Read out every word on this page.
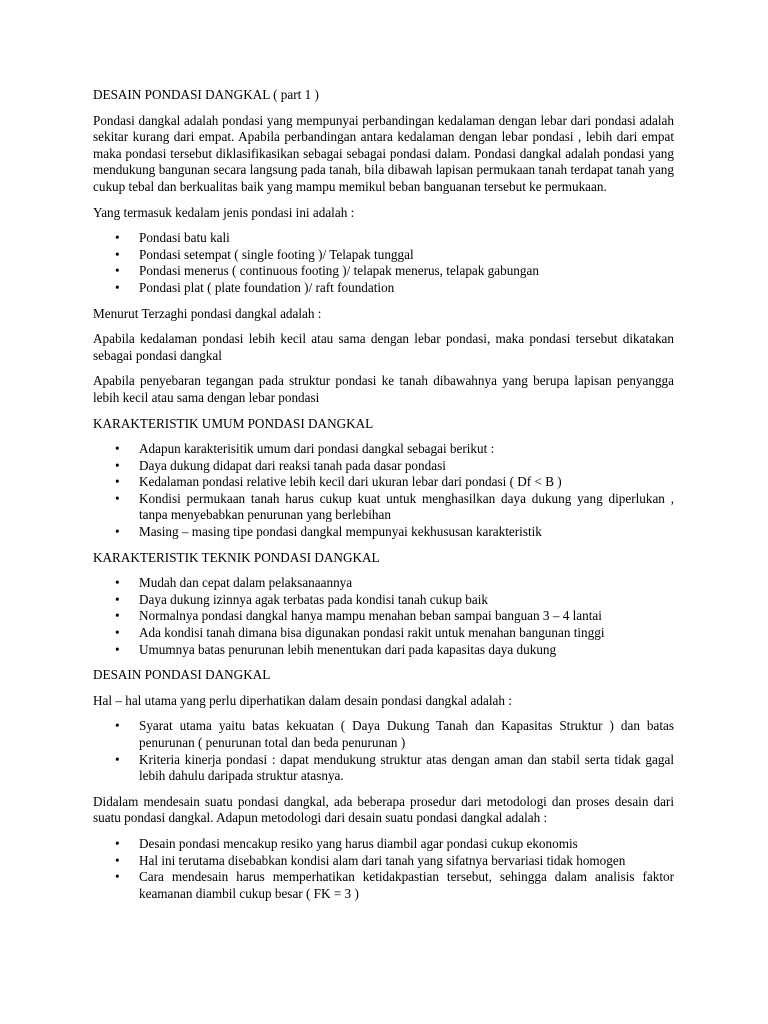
DESAIN PONDASI DANGKAL ( part 1 )
Pondasi dangkal adalah pondasi yang mempunyai perbandingan kedalaman dengan lebar dari pondasi adalah sekitar kurang dari empat. Apabila perbandingan antara kedalaman dengan lebar pondasi , lebih dari empat maka pondasi tersebut diklasifikasikan sebagai sebagai pondasi dalam. Pondasi dangkal adalah pondasi yang mendukung bangunan secara langsung pada tanah, bila dibawah lapisan permukaan tanah terdapat tanah yang cukup tebal dan berkualitas baik yang mampu memikul beban banguanan tersebut ke permukaan.
Yang termasuk kedalam jenis pondasi ini adalah :
• Pondasi batu kali
• Pondasi setempat ( single footing )/ Telapak tunggal
• Pondasi menerus ( continuous footing )/ telapak menerus, telapak gabungan
• Pondasi plat ( plate foundation )/ raft foundation
Menurut Terzaghi pondasi dangkal adalah :
Apabila kedalaman pondasi lebih kecil atau sama dengan lebar pondasi, maka pondasi tersebut dikatakan sebagai pondasi dangkal
Apabila penyebaran tegangan pada struktur pondasi ke tanah dibawahnya yang berupa lapisan penyangga lebih kecil atau sama dengan lebar pondasi
KARAKTERISTIK UMUM PONDASI DANGKAL
• Adapun karakterisitik umum dari pondasi dangkal sebagai berikut :
• Daya dukung didapat dari reaksi tanah pada dasar pondasi
• Kedalaman pondasi relative lebih kecil dari ukuran lebar dari pondasi ( Df < B )
• Kondisi permukaan tanah harus cukup kuat untuk menghasilkan daya dukung yang diperlukan , tanpa menyebabkan penurunan yang berlebihan
• Masing – masing tipe pondasi dangkal mempunyai kekhususan karakteristik
KARAKTERISTIK TEKNIK PONDASI DANGKAL
• Mudah dan cepat dalam pelaksanaannya
• Daya dukung izinnya agak terbatas pada kondisi tanah cukup baik
• Normalnya pondasi dangkal hanya mampu menahan beban sampai banguan 3 – 4 lantai
• Ada kondisi tanah dimana bisa digunakan pondasi rakit untuk menahan bangunan tinggi
• Umumnya batas penurunan lebih menentukan dari pada kapasitas daya dukung
DESAIN PONDASI DANGKAL
Hal – hal utama yang perlu diperhatikan dalam desain pondasi dangkal adalah :
• Syarat utama yaitu batas kekuatan ( Daya Dukung Tanah dan Kapasitas Struktur ) dan batas penurunan ( penurunan total dan beda penurunan )
• Kriteria kinerja pondasi : dapat mendukung struktur atas dengan aman dan stabil serta tidak gagal lebih dahulu daripada struktur atasnya.
Didalam mendesain suatu pondasi dangkal, ada beberapa prosedur dari metodologi dan proses desain dari suatu pondasi dangkal. Adapun metodologi dari desain suatu pondasi dangkal adalah :
• Desain pondasi mencakup resiko yang harus diambil agar pondasi cukup ekonomis
• Hal ini terutama disebabkan kondisi alam dari tanah yang sifatnya bervariasi tidak homogen
• Cara mendesain harus memperhatikan ketidakpastian tersebut, sehingga dalam analisis faktor keamanan diambil cukup besar ( FK = 3 )
